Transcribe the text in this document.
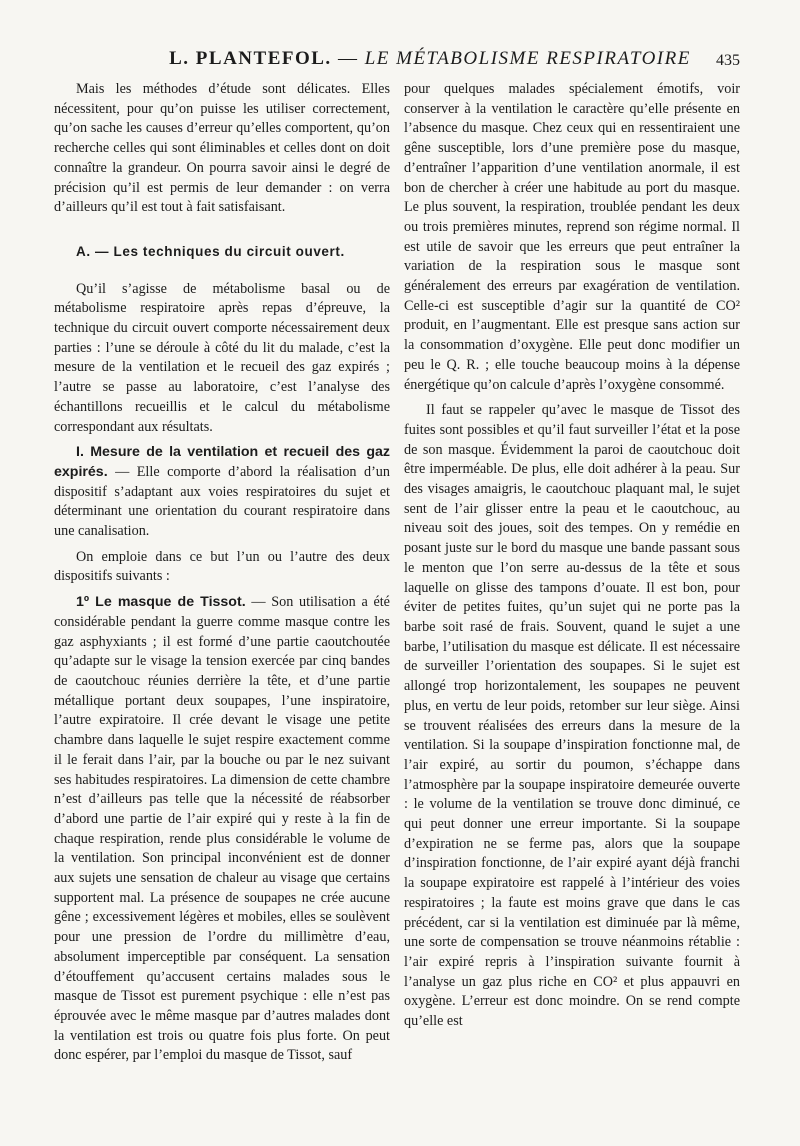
L. PLANTEFOL. — LE MÉTABOLISME RESPIRATOIRE	435

Mais les méthodes d’étude sont délicates. Elles nécessitent, pour qu’on puisse les utiliser correctement, qu’on sache les causes d’erreur qu’elles comportent, qu’on recherche celles qui sont éliminables et celles dont on doit connaître la grandeur. On pourra savoir ainsi le degré de précision qu’il est permis de leur demander : on verra d’ailleurs qu’il est tout à fait satisfaisant.

A. — Les techniques du circuit ouvert.

Qu’il s’agisse de métabolisme basal ou de métabolisme respiratoire après repas d’épreuve, la technique du circuit ouvert comporte nécessairement deux parties : l’une se déroule à côté du lit du malade, c’est la mesure de la ventilation et le recueil des gaz expirés ; l’autre se passe au laboratoire, c’est l’analyse des échantillons recueillis et le calcul du métabolisme correspondant aux résultats.

I. Mesure de la ventilation et recueil des gaz expirés. — Elle comporte d’abord la réalisation d’un dispositif s’adaptant aux voies respiratoires du sujet et déterminant une orientation du courant respiratoire dans une canalisation.

On emploie dans ce but l’un ou l’autre des deux dispositifs suivants :

1º Le masque de Tissot. — Son utilisation a été considérable pendant la guerre comme masque contre les gaz asphyxiants ; il est formé d’une partie caoutchoutée qu’adapte sur le visage la tension exercée par cinq bandes de caoutchouc réunies derrière la tête, et d’une partie métallique portant deux soupapes, l’une inspiratoire, l’autre expiratoire. Il crée devant le visage une petite chambre dans laquelle le sujet respire exactement comme il le ferait dans l’air, par la bouche ou par le nez suivant ses habitudes respiratoires. La dimension de cette chambre n’est d’ailleurs pas telle que la nécessité de réabsorber d’abord une partie de l’air expiré qui y reste à la fin de chaque respiration, rende plus considérable le volume de la ventilation. Son principal inconvénient est de donner aux sujets une sensation de chaleur au visage que certains supportent mal. La présence de soupapes ne crée aucune gêne ; excessivement légères et mobiles, elles se soulèvent pour une pression de l’ordre du millimètre d’eau, absolument imperceptible par conséquent. La sensation d’étouffement qu’accusent certains malades sous le masque de Tissot est purement psychique : elle n’est pas éprouvée avec le même masque par d’autres malades dont la ventilation est trois ou quatre fois plus forte. On peut donc espérer, par l’emploi du masque de Tissot, sauf

pour quelques malades spécialement émotifs, voir conserver à la ventilation le caractère qu’elle présente en l’absence du masque. Chez ceux qui en ressentiraient une gêne susceptible, lors d’une première pose du masque, d’entraîner l’apparition d’une ventilation anormale, il est bon de chercher à créer une habitude au port du masque. Le plus souvent, la respiration, troublée pendant les deux ou trois premières minutes, reprend son régime normal. Il est utile de savoir que les erreurs que peut entraîner la variation de la respiration sous le masque sont généralement des erreurs par exagération de ventilation. Celle-ci est susceptible d’agir sur la quantité de CO² produit, en l’augmentant. Elle est presque sans action sur la consommation d’oxygène. Elle peut donc modifier un peu le Q. R. ; elle touche beaucoup moins à la dépense énergétique qu’on calcule d’après l’oxygène consommé.

Il faut se rappeler qu’avec le masque de Tissot des fuites sont possibles et qu’il faut surveiller l’état et la pose de son masque. Évidemment la paroi de caoutchouc doit être imperméable. De plus, elle doit adhérer à la peau. Sur des visages amaigris, le caoutchouc plaquant mal, le sujet sent de l’air glisser entre la peau et le caoutchouc, au niveau soit des joues, soit des tempes. On y remédie en posant juste sur le bord du masque une bande passant sous le menton que l’on serre au-dessus de la tête et sous laquelle on glisse des tampons d’ouate. Il est bon, pour éviter de petites fuites, qu’un sujet qui ne porte pas la barbe soit rasé de frais. Souvent, quand le sujet a une barbe, l’utilisation du masque est délicate. Il est nécessaire de surveiller l’orientation des soupapes. Si le sujet est allongé trop horizontalement, les soupapes ne peuvent plus, en vertu de leur poids, retomber sur leur siège. Ainsi se trouvent réalisées des erreurs dans la mesure de la ventilation. Si la soupape d’inspiration fonctionne mal, de l’air expiré, au sortir du poumon, s’échappe dans l’atmosphère par la soupape inspiratoire demeurée ouverte : le volume de la ventilation se trouve donc diminué, ce qui peut donner une erreur importante. Si la soupape d’expiration ne se ferme pas, alors que la soupape d’inspiration fonctionne, de l’air expiré ayant déjà franchi la soupape expiratoire est rappelé à l’intérieur des voies respiratoires ; la faute est moins grave que dans le cas précédent, car si la ventilation est diminuée par là même, une sorte de compensation se trouve néanmoins rétablie : l’air expiré repris à l’inspiration suivante fournit à l’analyse un gaz plus riche en CO² et plus appauvri en oxygène. L’erreur est donc moindre. On se rend compte qu’elle est
